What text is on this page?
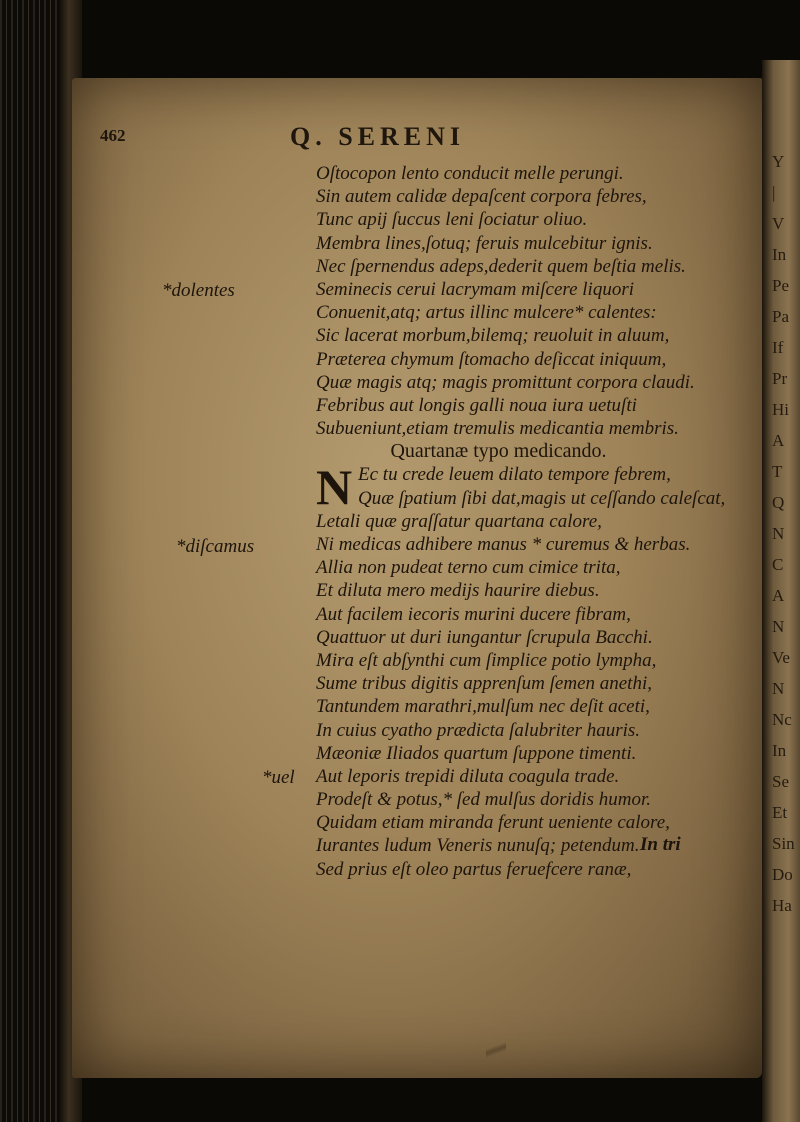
Y
|
V
In
Pe
Pa
If
Pr
Hi
A
T
Q
N
C
A
N
Ve
N
Nc
In
Se
Et
Sin
Do
Ha
462	Q. SERENI
Oſtocopon lento conducit melle perungi.
Sin autem calidæ depaſcent corpora febres,
Tunc apij ſuccus leni ſociatur oliuo.
Membra lines,ſotuq; feruis mulcebitur ignis.
Nec ſpernendus adeps,dederit quem beſtia melis.
Seminecis cerui lacrymam miſcere liquori
Conuenit,atq; artus illinc mulcere* calentes:
Sic lacerat morbum,bilemq; reuoluit in aluum,
Præterea chymum ſtomacho deſiccat iniquum,
Quæ magis atq; magis promittunt corpora claudi.
Febribus aut longis galli noua iura uetuſti
Subueniunt,etiam tremulis medicantia membris.
Quartanæ typo medicando.
N Ec tu crede leuem dilato tempore febrem,
Quæ ſpatium ſibi dat,magis ut ceſſando caleſcat,
Letali quæ graſſatur quartana calore,
Ni medicas adhibere manus * curemus & herbas.
Allia non pudeat terno cum cimice trita,
Et diluta mero medijs haurire diebus.
Aut facilem iecoris murini ducere fibram,
Quattuor ut duri iungantur ſcrupula Bacchi.
Mira eſt abſynthi cum ſimplice potio lympha,
Sume tribus digitis apprenſum ſemen anethi,
Tantundem marathri,mulſum nec deſit aceti,
In cuius cyatho prædicta ſalubriter hauris.
Mæoniæ Iliados quartum ſuppone timenti.
Aut leporis trepidi diluta coagula trade.
Prodeſt & potus,* ſed mulſus doridis humor.
Quidam etiam miranda ferunt ueniente calore,
Iurantes ludum Veneris nunuſq; petendum.
Sed prius eſt oleo partus feruefcere ranæ,
*dolentes
*diſcamus
*uel
In tri
